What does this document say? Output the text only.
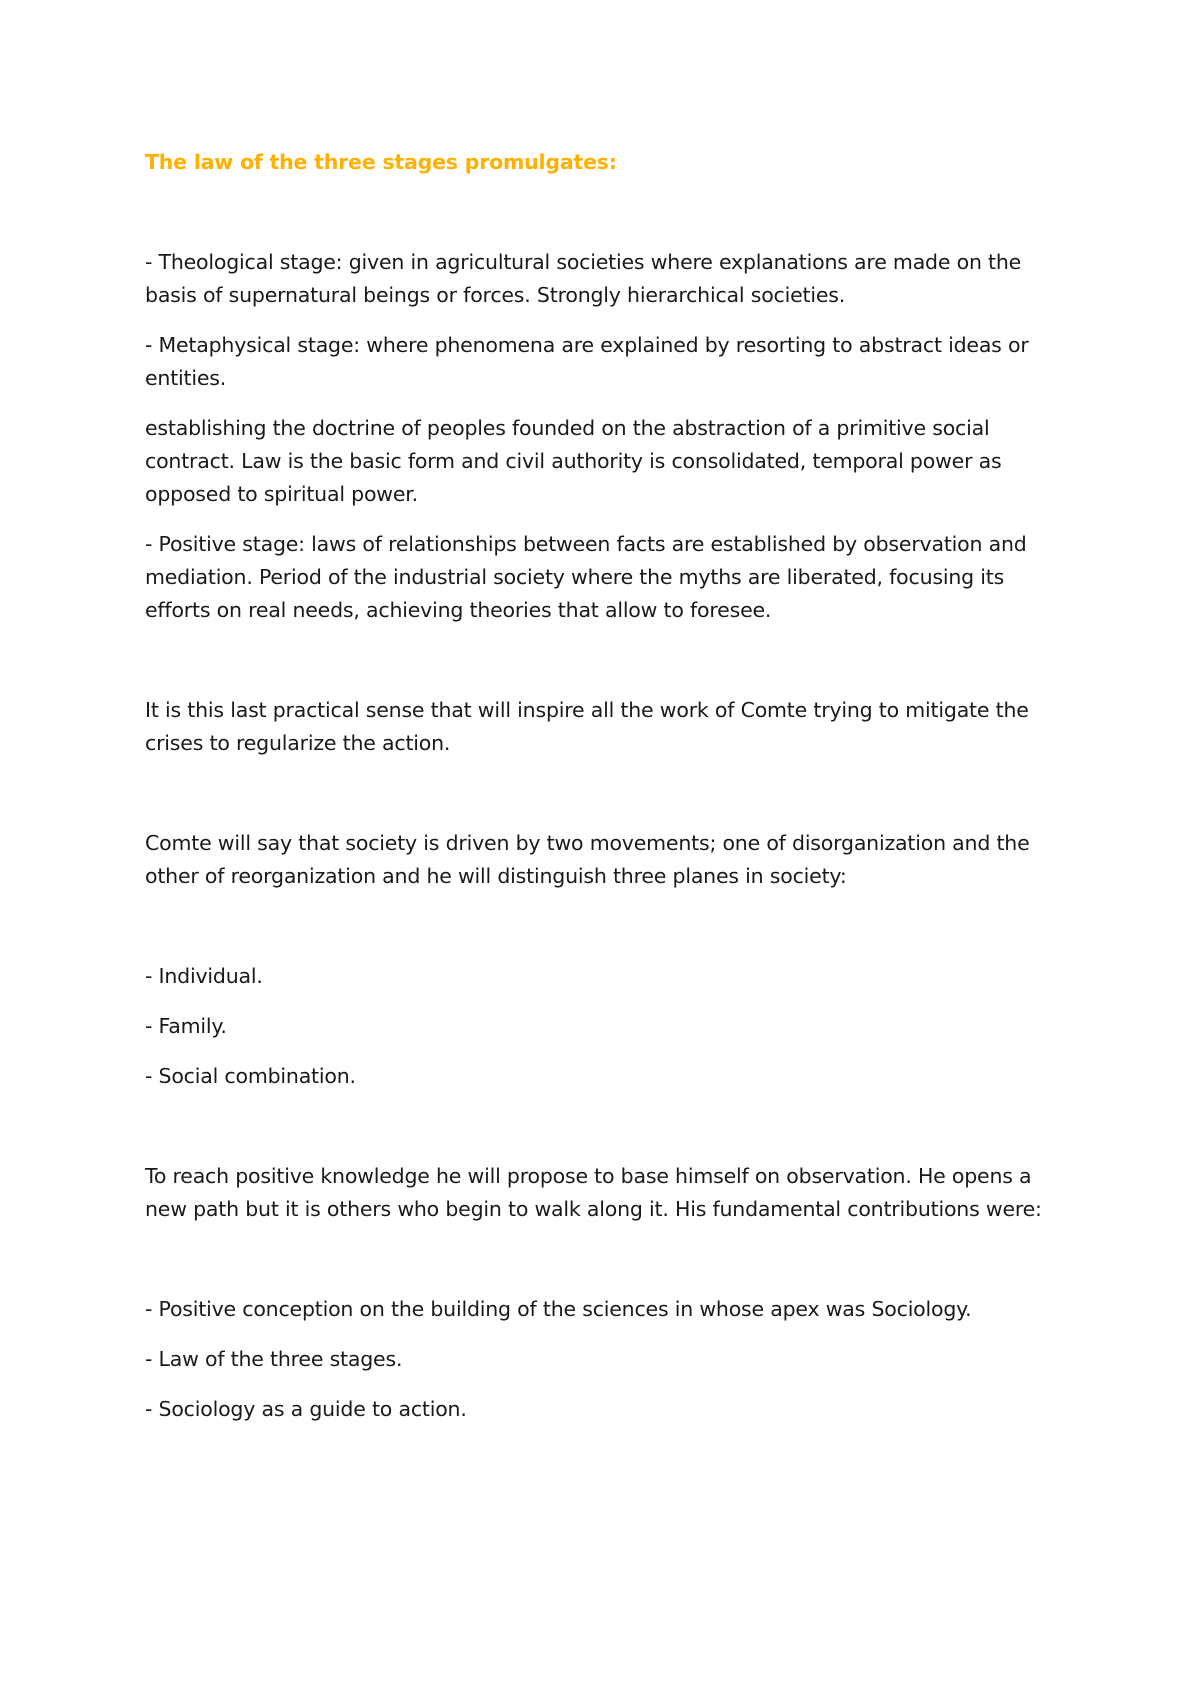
The law of the three stages promulgates:

- Theological stage: given in agricultural societies where explanations are made on the basis of supernatural beings or forces. Strongly hierarchical societies.

- Metaphysical stage: where phenomena are explained by resorting to abstract ideas or entities.

establishing the doctrine of peoples founded on the abstraction of a primitive social contract. Law is the basic form and civil authority is consolidated, temporal power as opposed to spiritual power.

- Positive stage: laws of relationships between facts are established by observation and mediation. Period of the industrial society where the myths are liberated, focusing its efforts on real needs, achieving theories that allow to foresee.

It is this last practical sense that will inspire all the work of Comte trying to mitigate the crises to regularize the action.

Comte will say that society is driven by two movements; one of disorganization and the other of reorganization and he will distinguish three planes in society:

- Individual.

- Family.

- Social combination.

To reach positive knowledge he will propose to base himself on observation. He opens a new path but it is others who begin to walk along it. His fundamental contributions were:

- Positive conception on the building of the sciences in whose apex was Sociology.

- Law of the three stages.

- Sociology as a guide to action.
